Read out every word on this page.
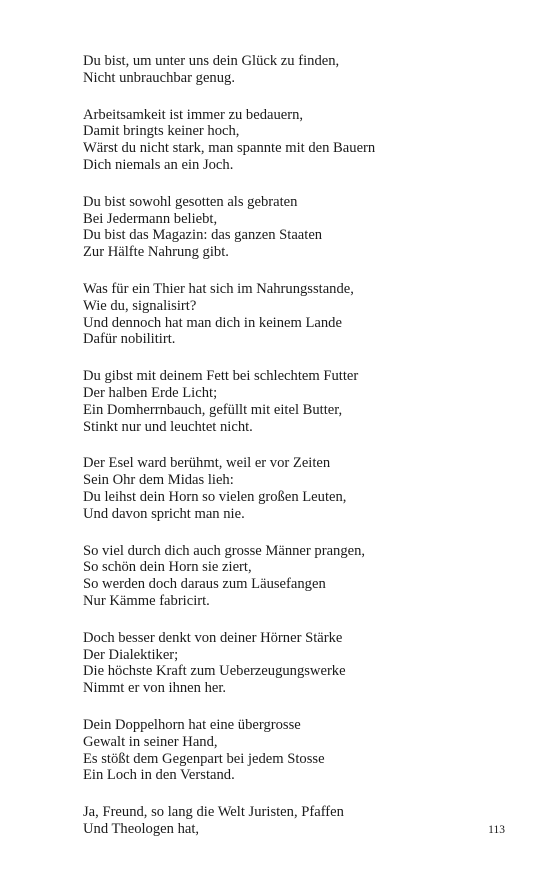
Du bist, um unter uns dein Glück zu finden,
Nicht unbrauchbar genug.
Arbeitsamkeit ist immer zu bedauern,
Damit bringts keiner hoch,
Wärst du nicht stark, man spannte mit den Bauern
Dich niemals an ein Joch.
Du bist sowohl gesotten als gebraten
Bei Jedermann beliebt,
Du bist das Magazin: das ganzen Staaten
Zur Hälfte Nahrung gibt.
Was für ein Thier hat sich im Nahrungsstande,
Wie du, signalisirt?
Und dennoch hat man dich in keinem Lande
Dafür nobilitirt.
Du gibst mit deinem Fett bei schlechtem Futter
Der halben Erde Licht;
Ein Domherrnbauch, gefüllt mit eitel Butter,
Stinkt nur und leuchtet nicht.
Der Esel ward berühmt, weil er vor Zeiten
Sein Ohr dem Midas lieh:
Du leihst dein Horn so vielen großen Leuten,
Und davon spricht man nie.
So viel durch dich auch grosse Männer prangen,
So schön dein Horn sie ziert,
So werden doch daraus zum Läusefangen
Nur Kämme fabricirt.
Doch besser denkt von deiner Hörner Stärke
Der Dialektiker;
Die höchste Kraft zum Ueberzeugungswerke
Nimmt er von ihnen her.
Dein Doppelhorn hat eine übergrosse
Gewalt in seiner Hand,
Es stößt dem Gegenpart bei jedem Stosse
Ein Loch in den Verstand.
Ja, Freund, so lang die Welt Juristen, Pfaffen
Und Theologen hat,	113
